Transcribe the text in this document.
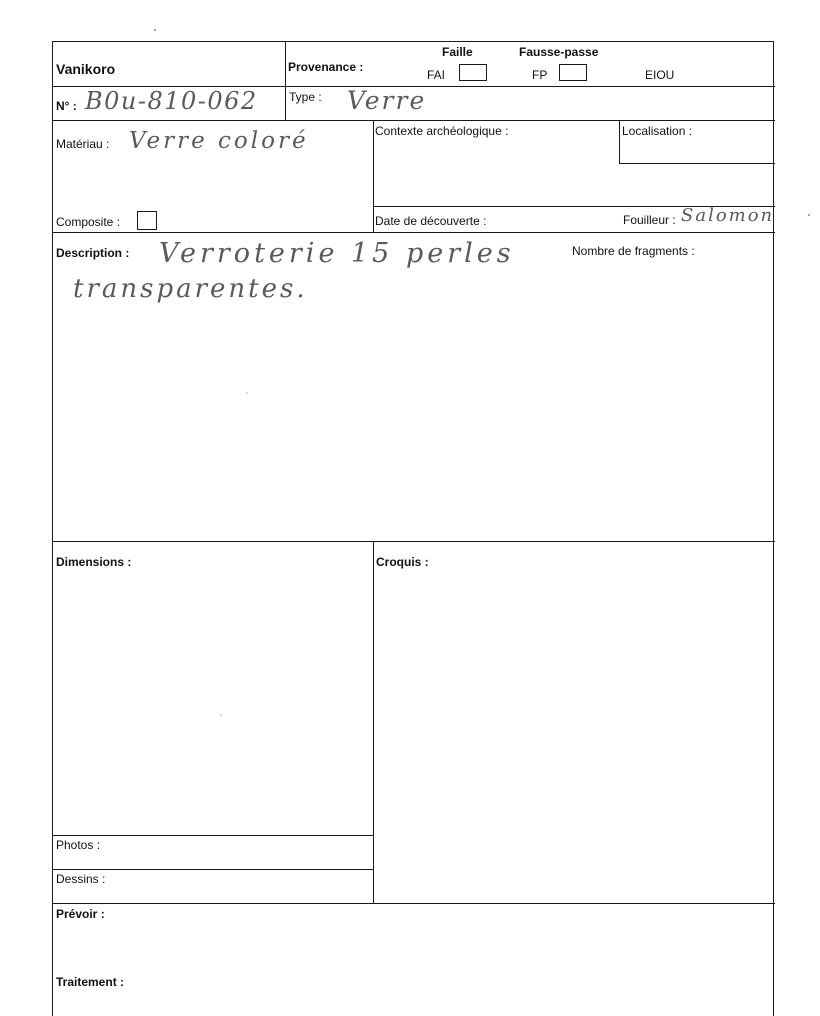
Vanikoro	Provenance :
Faille	Fausse-passe
FAI	FP	EIOU
N° : B0u-810-062	Type : Verre
Matériau : Verre coloré
Composite :
Contexte archéologique :	Localisation :
Date de découverte :	Fouilleur : Salomon
Description : Verroterie 15 perles
transparentes.
Nombre de fragments :
Dimensions :	Croquis :
Photos :
Dessins :
Prévoir :
Traitement :
